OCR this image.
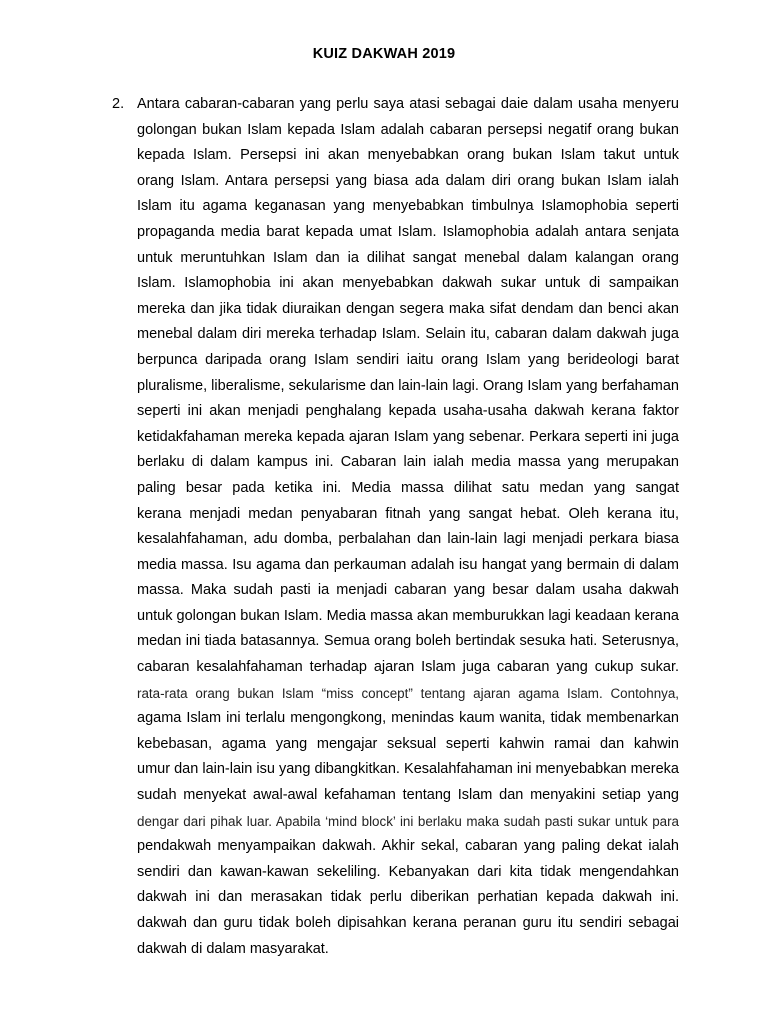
KUIZ DAKWAH 2019
2. Antara cabaran-cabaran yang perlu saya atasi sebagai daie dalam usaha menyeru
golongan bukan Islam kepada Islam adalah cabaran persepsi negatif orang bukan
kepada Islam. Persepsi ini akan menyebabkan orang bukan Islam takut untuk
orang Islam. Antara persepsi yang biasa ada dalam diri orang bukan Islam ialah
Islam itu agama keganasan yang menyebabkan timbulnya Islamophobia seperti
propaganda media barat kepada umat Islam. Islamophobia adalah antara senjata
untuk meruntuhkan Islam dan ia dilihat sangat menebal dalam kalangan orang
Islam. Islamophobia ini akan menyebabkan dakwah sukar untuk di sampaikan
mereka dan jika tidak diuraikan dengan segera maka sifat dendam dan benci akan
menebal dalam diri mereka terhadap Islam. Selain itu, cabaran dalam dakwah juga
berpunca daripada orang Islam sendiri iaitu orang Islam yang berideologi barat
pluralisme, liberalisme, sekularisme dan lain-lain lagi. Orang Islam yang berfahaman
seperti ini akan menjadi penghalang kepada usaha-usaha dakwah kerana faktor
ketidakfahaman mereka kepada ajaran Islam yang sebenar. Perkara seperti ini juga
berlaku di dalam kampus ini. Cabaran lain ialah media massa yang merupakan
paling besar pada ketika ini. Media massa dilihat satu medan yang sangat
kerana menjadi medan penyabaran fitnah yang sangat hebat. Oleh kerana itu,
kesalahfahaman, adu domba, perbalahan dan lain-lain lagi menjadi perkara biasa
media massa. Isu agama dan perkauman adalah isu hangat yang bermain di dalam
massa. Maka sudah pasti ia menjadi cabaran yang besar dalam usaha dakwah
untuk golongan bukan Islam. Media massa akan memburukkan lagi keadaan kerana
medan ini tiada batasannya. Semua orang boleh bertindak sesuka hati. Seterusnya,
cabaran kesalahfahaman terhadap ajaran Islam juga cabaran yang cukup sukar.
rata-rata orang bukan Islam “miss concept” tentang ajaran agama Islam. Contohnya,
agama Islam ini terlalu mengongkong, menindas kaum wanita, tidak membenarkan
kebebasan, agama yang mengajar seksual seperti kahwin ramai dan kahwin
umur dan lain-lain isu yang dibangkitkan. Kesalahfahaman ini menyebabkan mereka
sudah menyekat awal-awal kefahaman tentang Islam dan menyakini setiap yang
dengar dari pihak luar. Apabila ‘mind block’ ini berlaku maka sudah pasti sukar untuk para
pendakwah menyampaikan dakwah. Akhir sekal, cabaran yang paling dekat ialah
sendiri dan kawan-kawan sekeliling. Kebanyakan dari kita tidak mengendahkan
dakwah ini dan merasakan tidak perlu diberikan perhatian kepada dakwah ini.
dakwah dan guru tidak boleh dipisahkan kerana peranan guru itu sendiri sebagai
dakwah di dalam masyarakat.
